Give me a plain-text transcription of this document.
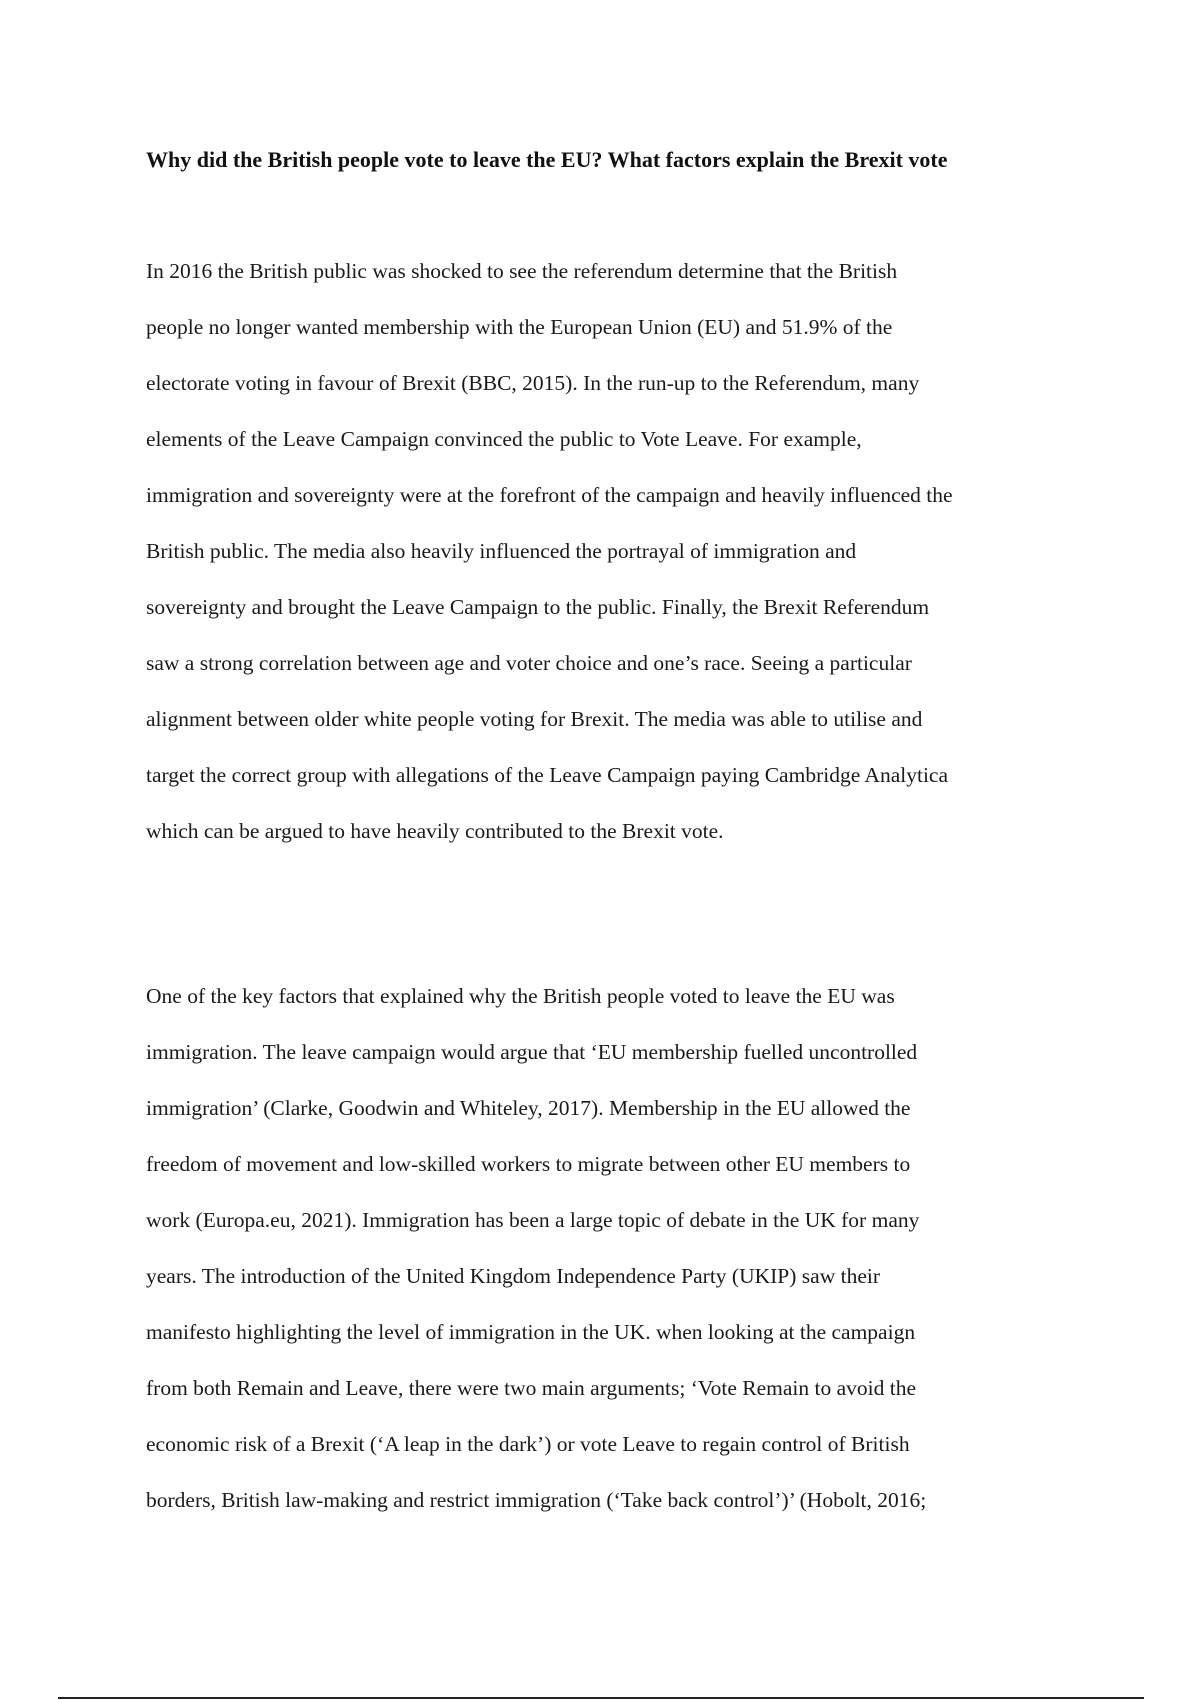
Why did the British people vote to leave the EU? What factors explain the Brexit vote

In 2016 the British public was shocked to see the referendum determine that the British
people no longer wanted membership with the European Union (EU) and 51.9% of the
electorate voting in favour of Brexit (BBC, 2015). In the run-up to the Referendum, many
elements of the Leave Campaign convinced the public to Vote Leave. For example,
immigration and sovereignty were at the forefront of the campaign and heavily influenced the
British public. The media also heavily influenced the portrayal of immigration and
sovereignty and brought the Leave Campaign to the public. Finally, the Brexit Referendum
saw a strong correlation between age and voter choice and one’s race. Seeing a particular
alignment between older white people voting for Brexit. The media was able to utilise and
target the correct group with allegations of the Leave Campaign paying Cambridge Analytica
which can be argued to have heavily contributed to the Brexit vote.

One of the key factors that explained why the British people voted to leave the EU was
immigration. The leave campaign would argue that ‘EU membership fuelled uncontrolled
immigration’ (Clarke, Goodwin and Whiteley, 2017). Membership in the EU allowed the
freedom of movement and low-skilled workers to migrate between other EU members to
work (Europa.eu, 2021). Immigration has been a large topic of debate in the UK for many
years. The introduction of the United Kingdom Independence Party (UKIP) saw their
manifesto highlighting the level of immigration in the UK. when looking at the campaign
from both Remain and Leave, there were two main arguments; ‘Vote Remain to avoid the
economic risk of a Brexit (‘A leap in the dark’) or vote Leave to regain control of British
borders, British law-making and restrict immigration (‘Take back control’)’ (Hobolt, 2016;
